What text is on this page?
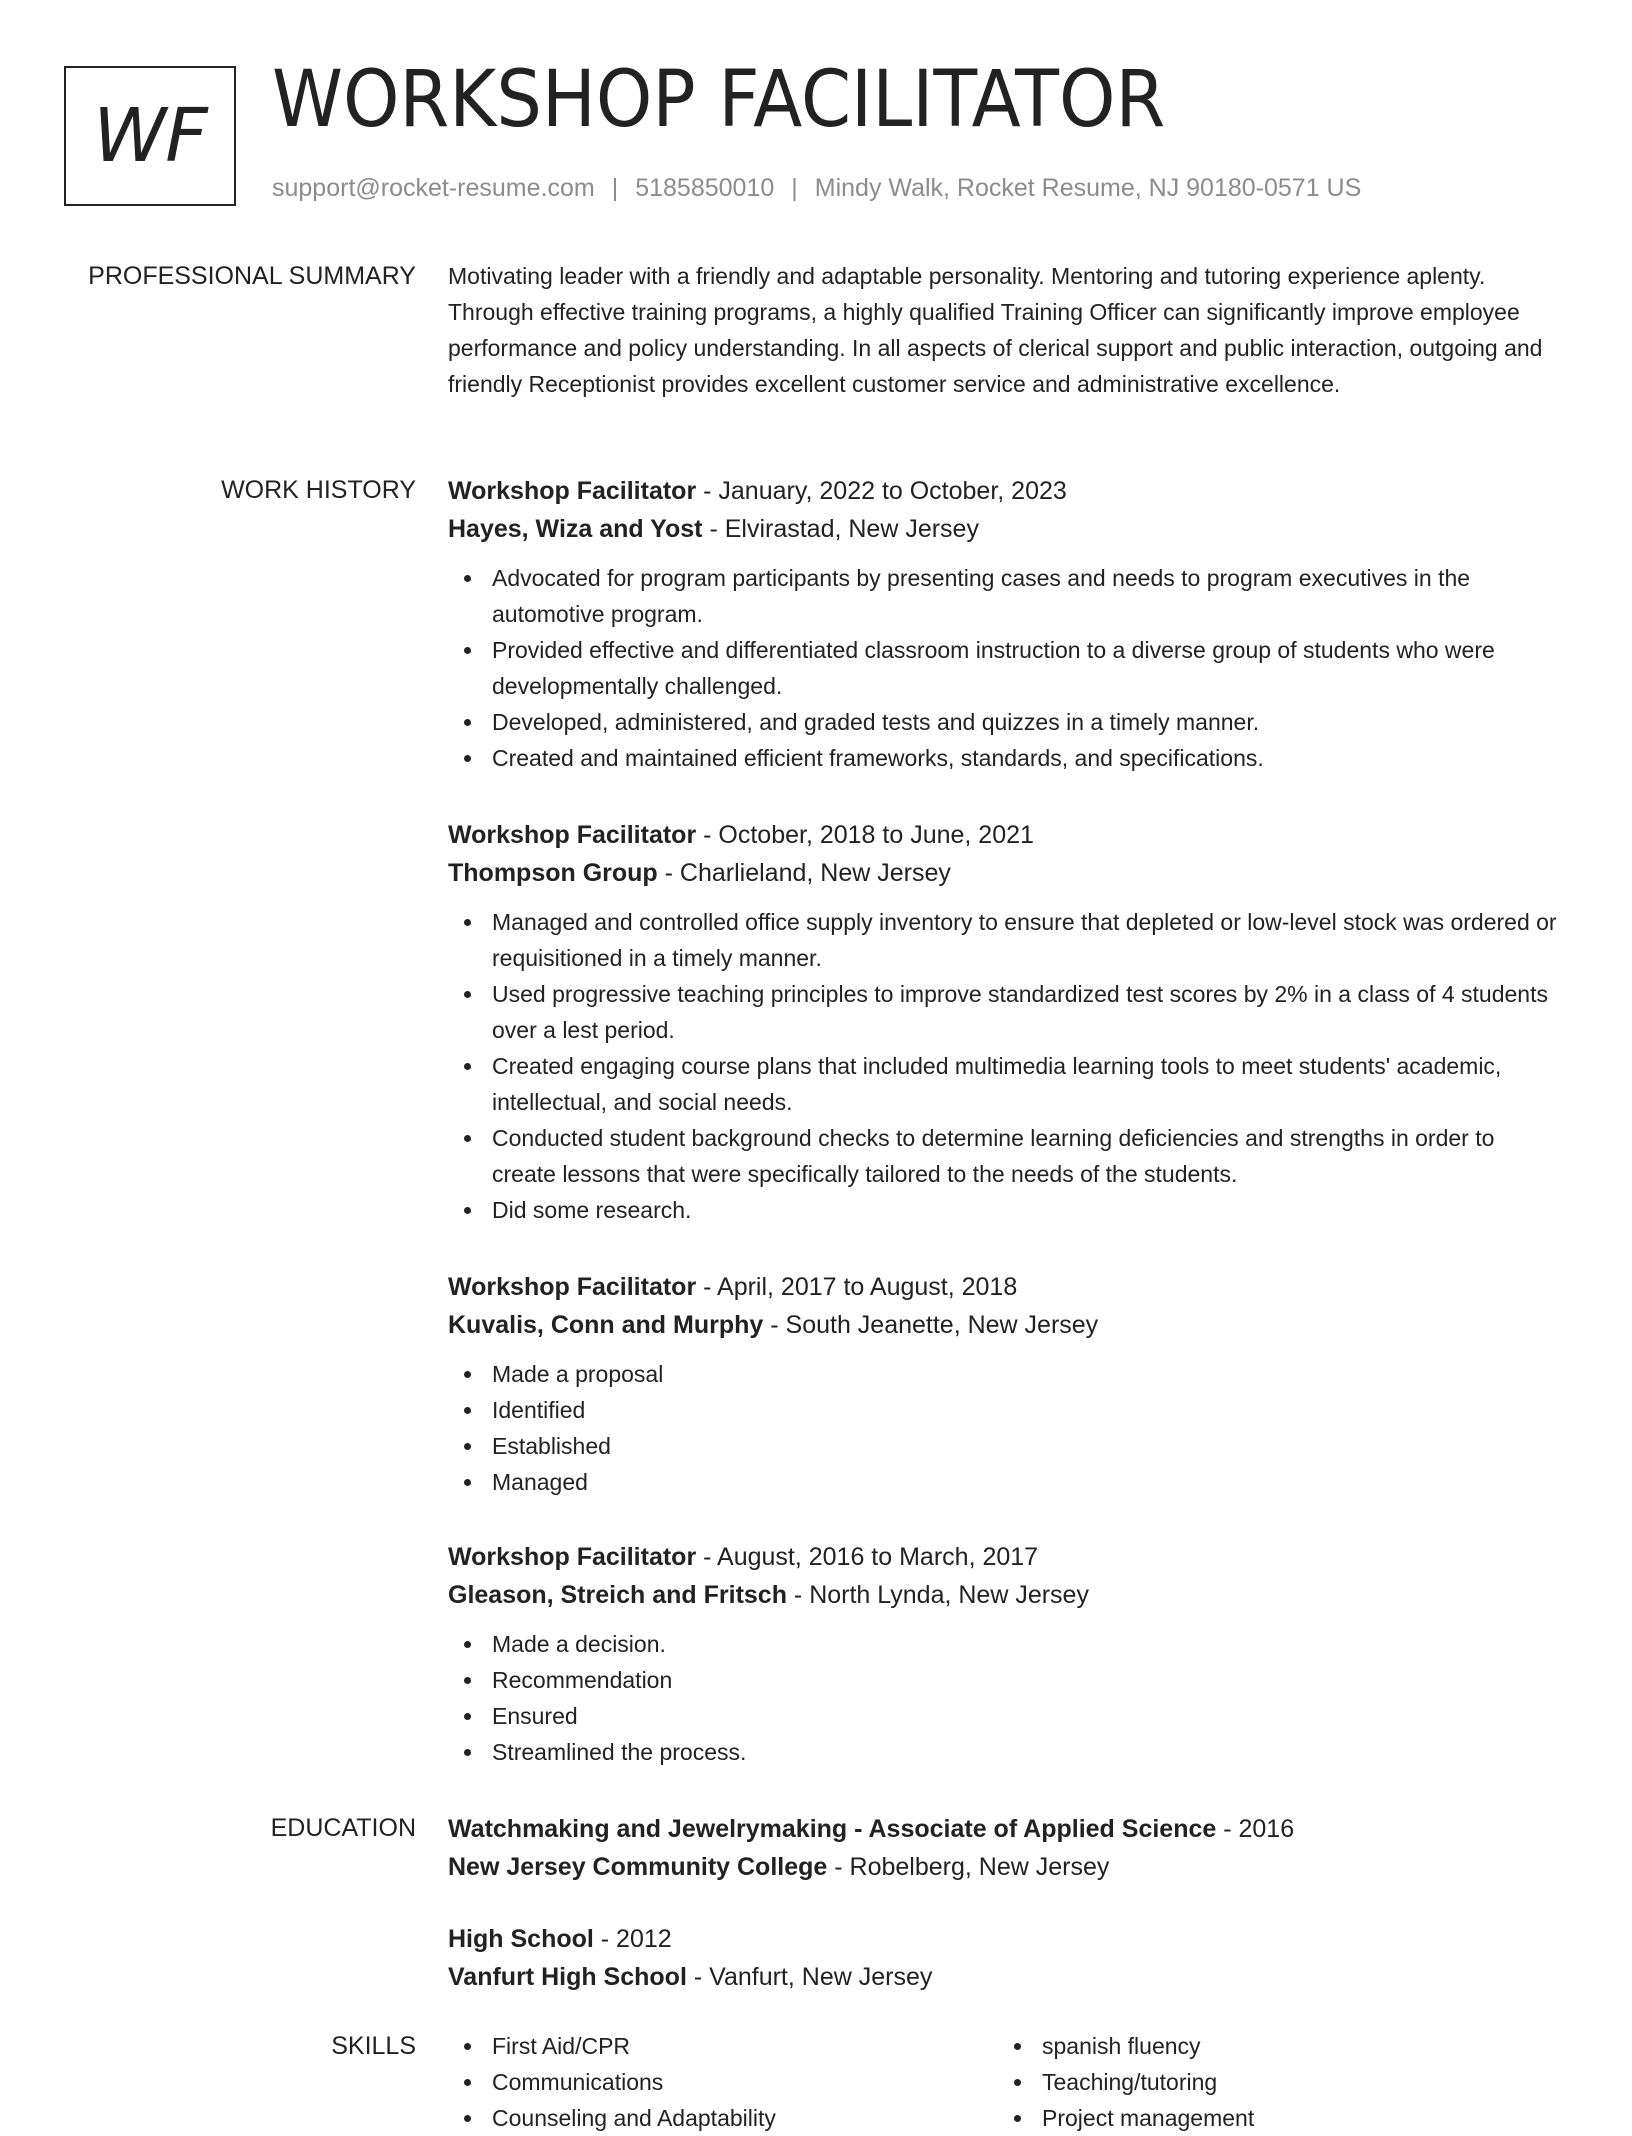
WF WORKSHOP FACILITATOR
support@rocket-resume.com | 5185850010 | Mindy Walk, Rocket Resume, NJ 90180-0571 US
PROFESSIONAL SUMMARY Motivating leader with a friendly and adaptable personality. Mentoring and tutoring experience aplenty. Through effective training programs, a highly qualified Training Officer can significantly improve employee performance and policy understanding. In all aspects of clerical support and public interaction, outgoing and friendly Receptionist provides excellent customer service and administrative excellence.

WORK HISTORY Workshop Facilitator - January, 2022 to October, 2023
Hayes, Wiza and Yost - Elvirastad, New Jersey
Advocated for program participants by presenting cases and needs to program executives in the automotive program.
Provided effective and differentiated classroom instruction to a diverse group of students who were developmentally challenged.
Developed, administered, and graded tests and quizzes in a timely manner.
Created and maintained efficient frameworks, standards, and specifications.
Workshop Facilitator - October, 2018 to June, 2021
Thompson Group - Charlieland, New Jersey
Managed and controlled office supply inventory to ensure that depleted or low-level stock was ordered or requisitioned in a timely manner.
Used progressive teaching principles to improve standardized test scores by 2% in a class of 4 students over a lest period.
Created engaging course plans that included multimedia learning tools to meet students' academic, intellectual, and social needs.
Conducted student background checks to determine learning deficiencies and strengths in order to create lessons that were specifically tailored to the needs of the students.
Did some research.
Workshop Facilitator - April, 2017 to August, 2018
Kuvalis, Conn and Murphy - South Jeanette, New Jersey
Made a proposal
Identified
Established
Managed
Workshop Facilitator - August, 2016 to March, 2017
Gleason, Streich and Fritsch - North Lynda, New Jersey
Made a decision.
Recommendation
Ensured
Streamlined the process.
EDUCATION Watchmaking and Jewelrymaking - Associate of Applied Science - 2016
New Jersey Community College - Robelberg, New Jersey
High School - 2012
Vanfurt High School - Vanfurt, New Jersey
SKILLS	First Aid/CPR
Communications
Counseling and Adaptability
spanish fluency
Teaching/tutoring
Project management
